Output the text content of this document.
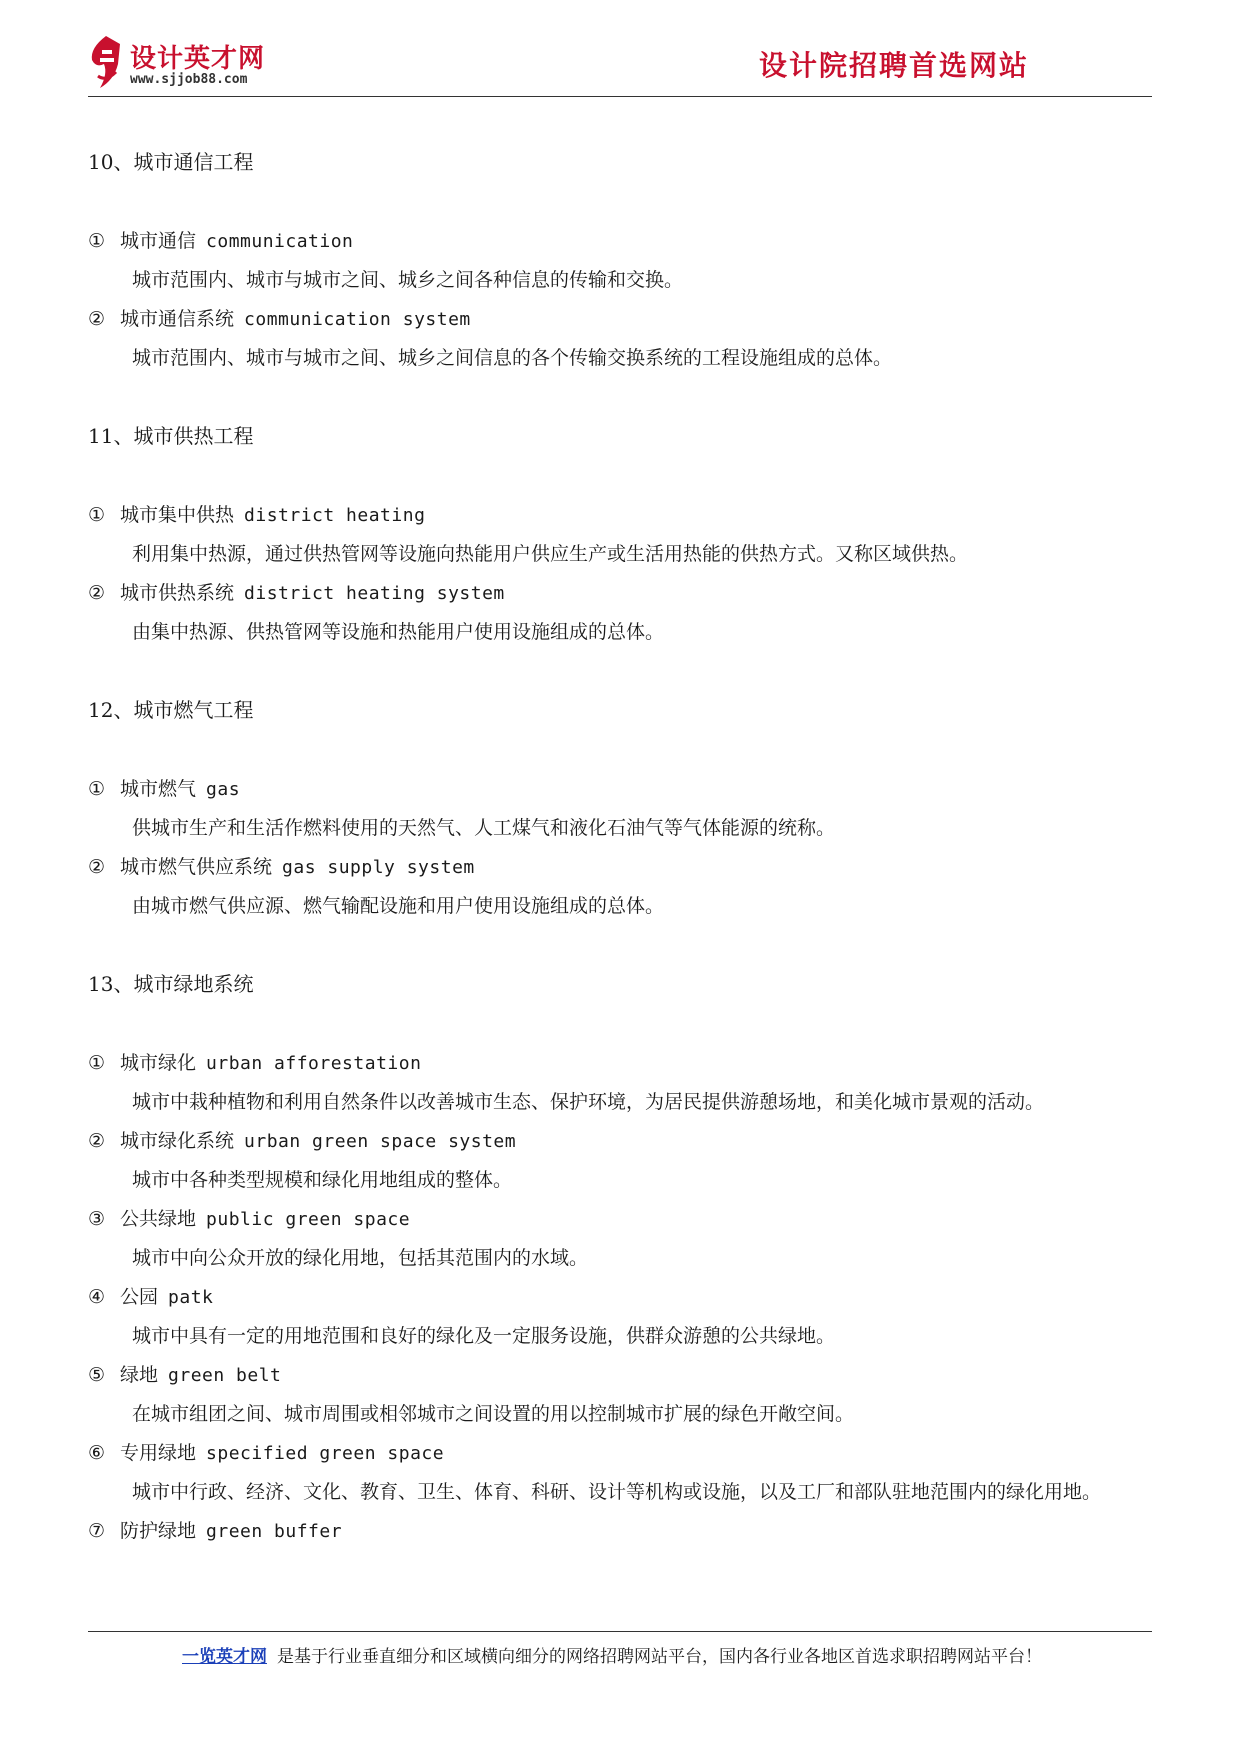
设计英才网
www.sjjob88.com	设计院招聘首选网站
10、城市通信工程
① 城市通信 communication

城市范围内、城市与城市之间、城乡之间各种信息的传输和交换。

② 城市通信系统 communication system

城市范围内、城市与城市之间、城乡之间信息的各个传输交换系统的工程设施组成的总体。

11、城市供热工程
① 城市集中供热 district heating

利用集中热源，通过供热管网等设施向热能用户供应生产或生活用热能的供热方式。又称区域供热。

② 城市供热系统 district heating system

由集中热源、供热管网等设施和热能用户使用设施组成的总体。

12、城市燃气工程
① 城市燃气 gas

供城市生产和生活作燃料使用的天然气、人工煤气和液化石油气等气体能源的统称。

② 城市燃气供应系统 gas supply system

由城市燃气供应源、燃气输配设施和用户使用设施组成的总体。

13、城市绿地系统
① 城市绿化 urban afforestation

城市中栽种植物和利用自然条件以改善城市生态、保护环境，为居民提供游憩场地，和美化城市景观的活动。

② 城市绿化系统 urban green space system

城市中各种类型规模和绿化用地组成的整体。

③ 公共绿地 public green space

城市中向公众开放的绿化用地，包括其范围内的水域。

④ 公园 patk

城市中具有一定的用地范围和良好的绿化及一定服务设施，供群众游憩的公共绿地。

⑤ 绿地 green belt

在城市组团之间、城市周围或相邻城市之间设置的用以控制城市扩展的绿色开敞空间。

⑥ 专用绿地 specified green space

城市中行政、经济、文化、教育、卫生、体育、科研、设计等机构或设施，以及工厂和部队驻地范围内的绿化用地。

⑦ 防护绿地 green buffer
一览英才网 是基于行业垂直细分和区域横向细分的网络招聘网站平台，国内各行业各地区首选求职招聘网站平台！
